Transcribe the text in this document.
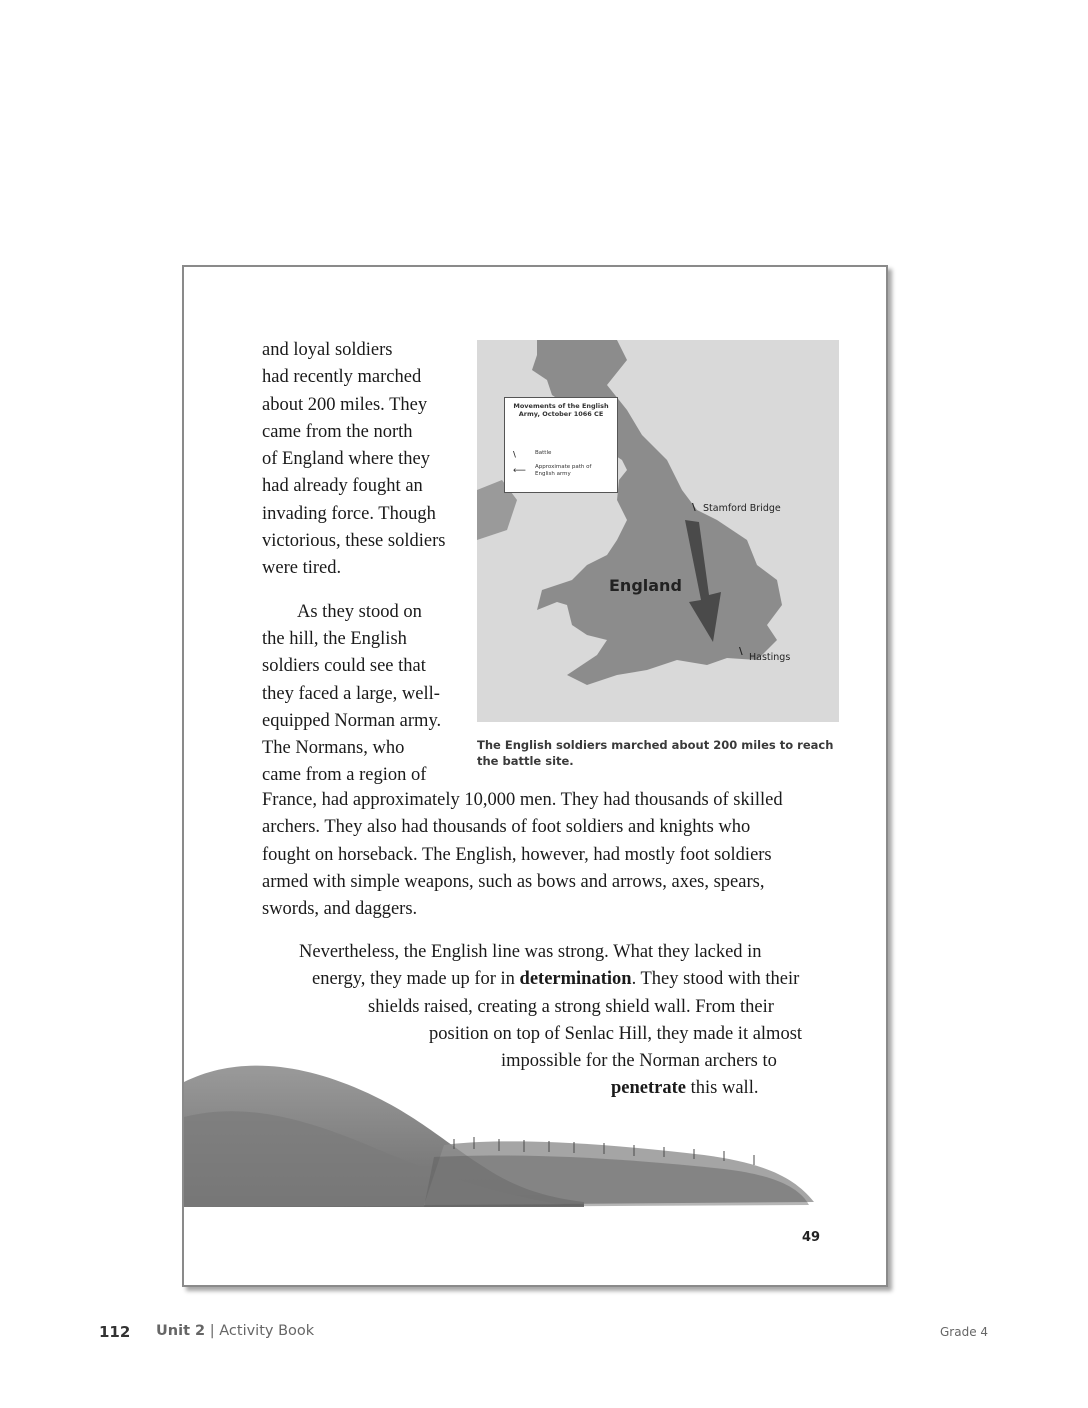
and loyal soldiers
had recently marched
about 200 miles. They
came from the north
of England where they
had already fought an
invading force. Though
victorious, these soldiers
were tired.

As they stood on
the hill, the English
soldiers could see that
they faced a large, well-
equipped Norman army.
The Normans, who
came from a region of

England
Stamford Bridge
Hastings
\
\
Movements of the English Army, October 1066 CE
\	Battle
⟵ Approximate path of English army
The English soldiers marched about 200 miles to reach the battle site.
France, had approximately 10,000 men. They had thousands of skilled
archers. They also had thousands of foot soldiers and knights who
fought on horseback. The English, however, had mostly foot soldiers
armed with simple weapons, such as bows and arrows, axes, spears,
swords, and daggers.
Nevertheless, the English line was strong. What they lacked in
energy, they made up for in determination. They stood with their
shields raised, creating a strong shield wall. From their
position on top of Senlac Hill, they made it almost
impossible for the Norman archers to
penetrate this wall.
49
112 Unit 2 | Activity Book	Grade 4
